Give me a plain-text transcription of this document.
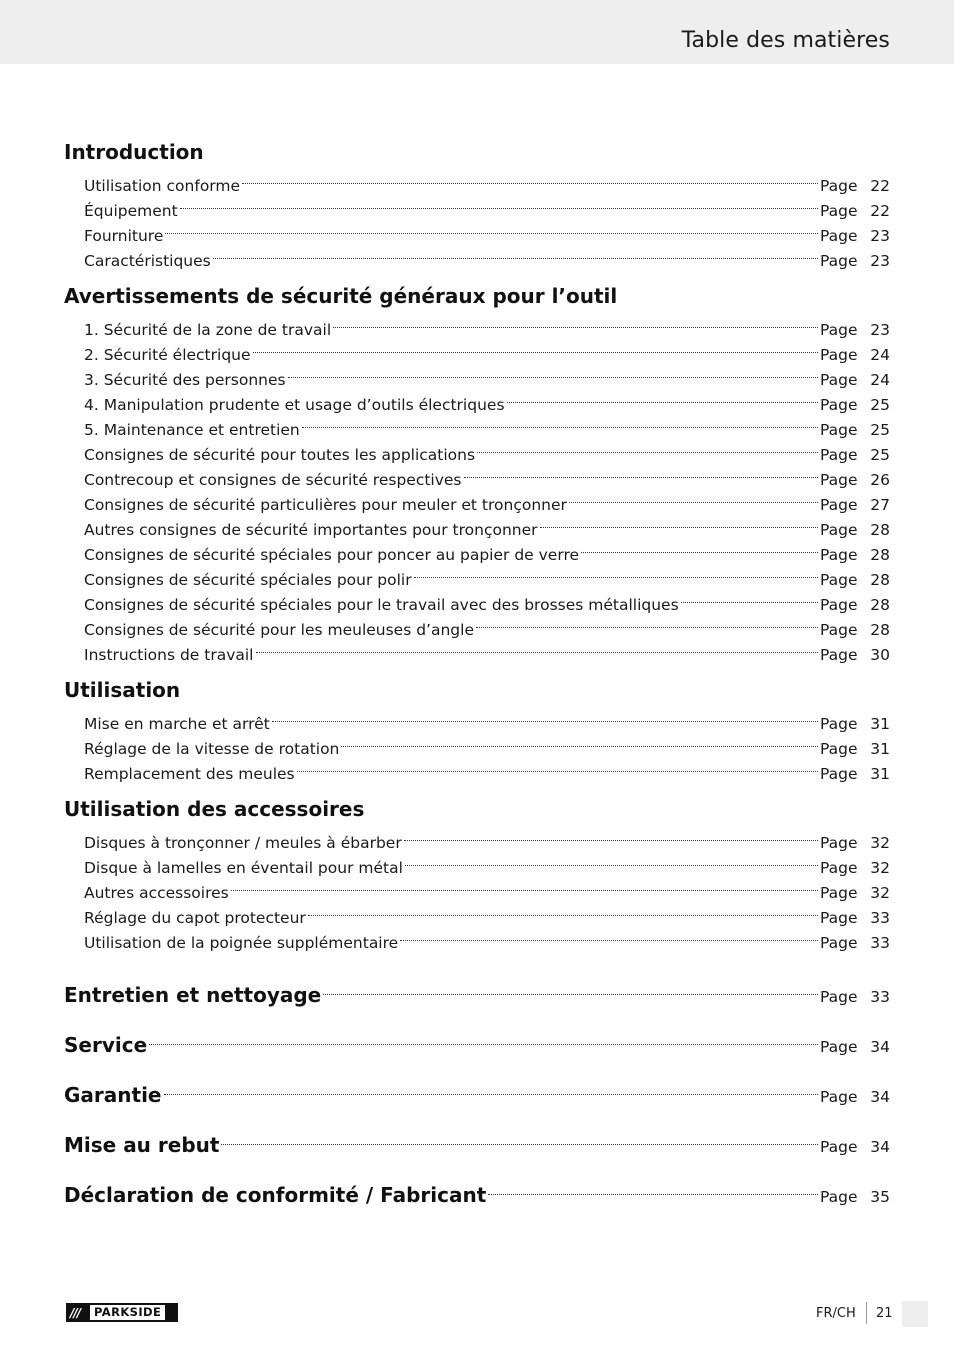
Table des matières
Introduction
Utilisation conforme	Page 22
Équipement	Page 22
Fourniture	Page 23
Caractéristiques	Page 23
Avertissements de sécurité généraux pour l’outil
1. Sécurité de la zone de travail	Page 23
2. Sécurité électrique	Page 24
3. Sécurité des personnes	Page 24
4. Manipulation prudente et usage d’outils électriques	Page 25
5. Maintenance et entretien	Page 25
Consignes de sécurité pour toutes les applications	Page 25
Contrecoup et consignes de sécurité respectives	Page 26
Consignes de sécurité particulières pour meuler et tronçonner	Page 27
Autres consignes de sécurité importantes pour tronçonner	Page 28
Consignes de sécurité spéciales pour poncer au papier de verre	Page 28
Consignes de sécurité spéciales pour polir	Page 28
Consignes de sécurité spéciales pour le travail avec des brosses métalliques	Page 28
Consignes de sécurité pour les meuleuses d’angle	Page 28
Instructions de travail	Page 30
Utilisation
Mise en marche et arrêt	Page 31
Réglage de la vitesse de rotation	Page 31
Remplacement des meules	Page 31
Utilisation des accessoires
Disques à tronçonner / meules à ébarber	Page 32
Disque à lamelles en éventail pour métal	Page 32
Autres accessoires	Page 32
Réglage du capot protecteur	Page 33
Utilisation de la poignée supplémentaire	Page 33
Entretien et nettoyage	Page 33
Service	Page 34
Garantie	Page 34
Mise au rebut	Page 34
Déclaration de conformité / Fabricant	Page 35
///	PARKSIDE	FR/CH 21
